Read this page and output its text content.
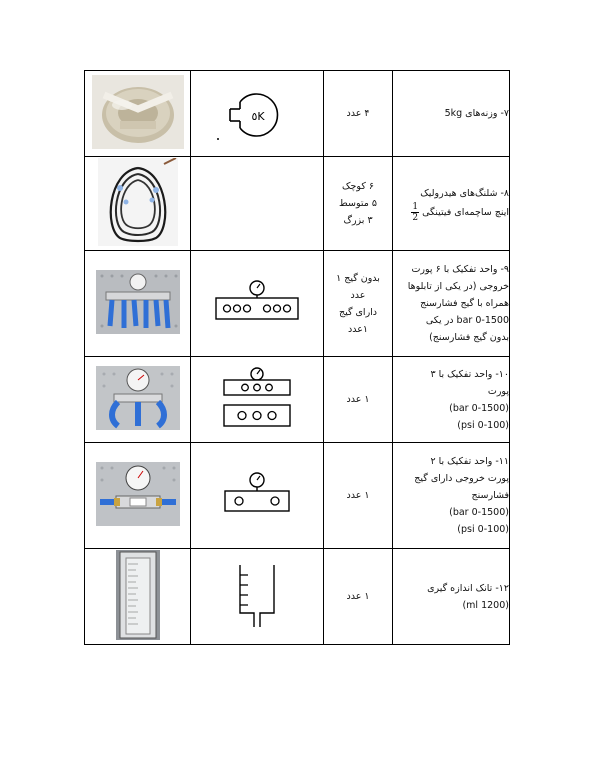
٥K	۴ عدد	۷- وزنه‌های 5kg

۶ کوچک
۵ متوسط
۳ بزرگ	۸- شلنگ‌های هیدرولیک
اینچ ساچمه‌ای فیتینگی
$\frac{1}{2}$

بدون گیج ۱
عدد
دارای گیج
۱عدد	۹- واحد تفکیک با ۶ پورت
خروجی (در یکی از تابلوها
همراه با گیج فشارسنج
0-1500 bar در یکی
بدون گیج فشارسنج)

۱ عدد	۱۰- واحد تفکیک با ۳
پورت
(0-1500 bar)
(0-100 psi)

۱ عدد	۱۱- واحد تفکیک با ۲
پورت خروجی دارای گیج
فشارسنج
(0-1500 bar)
(0-100 psi)

۱ عدد	۱۲- تانک اندازه گیری
(1200 ml)
